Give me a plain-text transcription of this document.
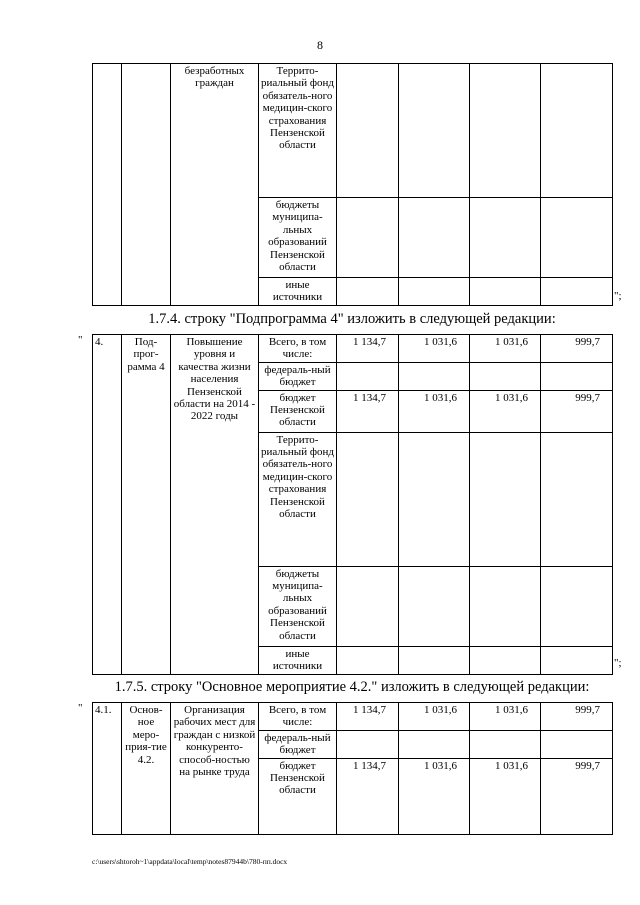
8
		безработных граждан	Террито-риальный фонд обязатель-ного медицин-ского страхования Пензенской области				
			бюджеты муниципа-льных образований Пензенской области				
			иные источники					";
1.7.4. строку "Подпрограмма 4" изложить в следующей редакции:
" 4.	Под-прог-рамма 4	Повышение уровня и качества жизни населения Пензенской области на 2014 - 2022 годы	Всего, в том числе:	1 134,7	1 031,6	1 031,6	999,7
			федераль-ный бюджет				
			бюджет Пензенской области	1 134,7	1 031,6	1 031,6	999,7
			Террито-риальный фонд обязатель-ного медицин-ского страхования Пензенской области				
			бюджеты муниципа-льных образований Пензенской области				
			иные источники					";
1.7.5. строку "Основное мероприятие 4.2." изложить в следующей редакции:
" 4.1.	Основ-ное меро-прия-тие 4.2.	Организация рабочих мест для граждан с низкой конкуренто-способ-ностью на рынке труда	Всего, в том числе:	1 134,7	1 031,6	1 031,6	999,7
			федераль-ный бюджет				
			бюджет Пензенской области	1 134,7	1 031,6	1 031,6	999,7
c:\users\shtoroh~1\appdata\local\temp\notes87944b\780-пп.docx
